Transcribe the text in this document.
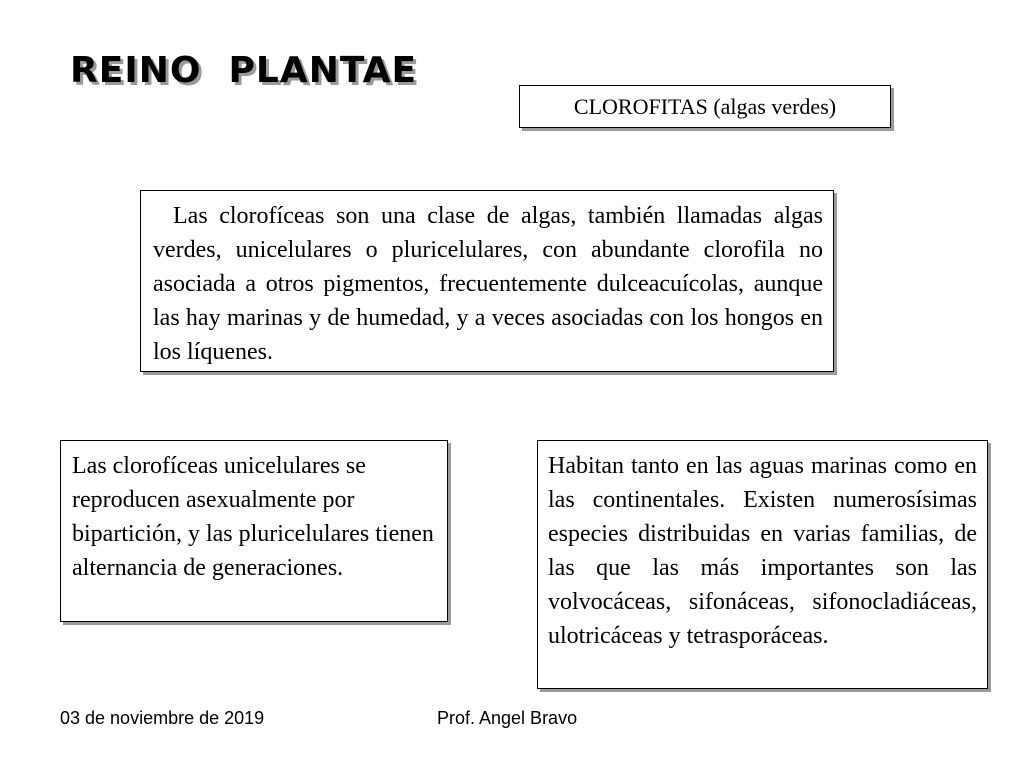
REINO  PLANTAE
CLOROFITAS (algas verdes)

Las clorofíceas son una clase de algas, también llamadas algas verdes, unicelulares o pluricelulares, con abundante clorofila no asociada a otros pigmentos, frecuentemente dulceacuícolas, aunque las hay marinas y de humedad, y a veces asociadas con los hongos en los líquenes.

Las clorofíceas unicelulares se reproducen asexualmente por bipartición, y las pluricelulares tienen alternancia de generaciones.

Habitan tanto en las aguas marinas como en las continentales. Existen numerosísimas especies distribuidas en varias familias, de las que las más importantes son las volvocáceas, sifonáceas, sifonocladiáceas, ulotricáceas y tetrasporáceas.

03 de noviembre de 2019	Prof. Angel Bravo
